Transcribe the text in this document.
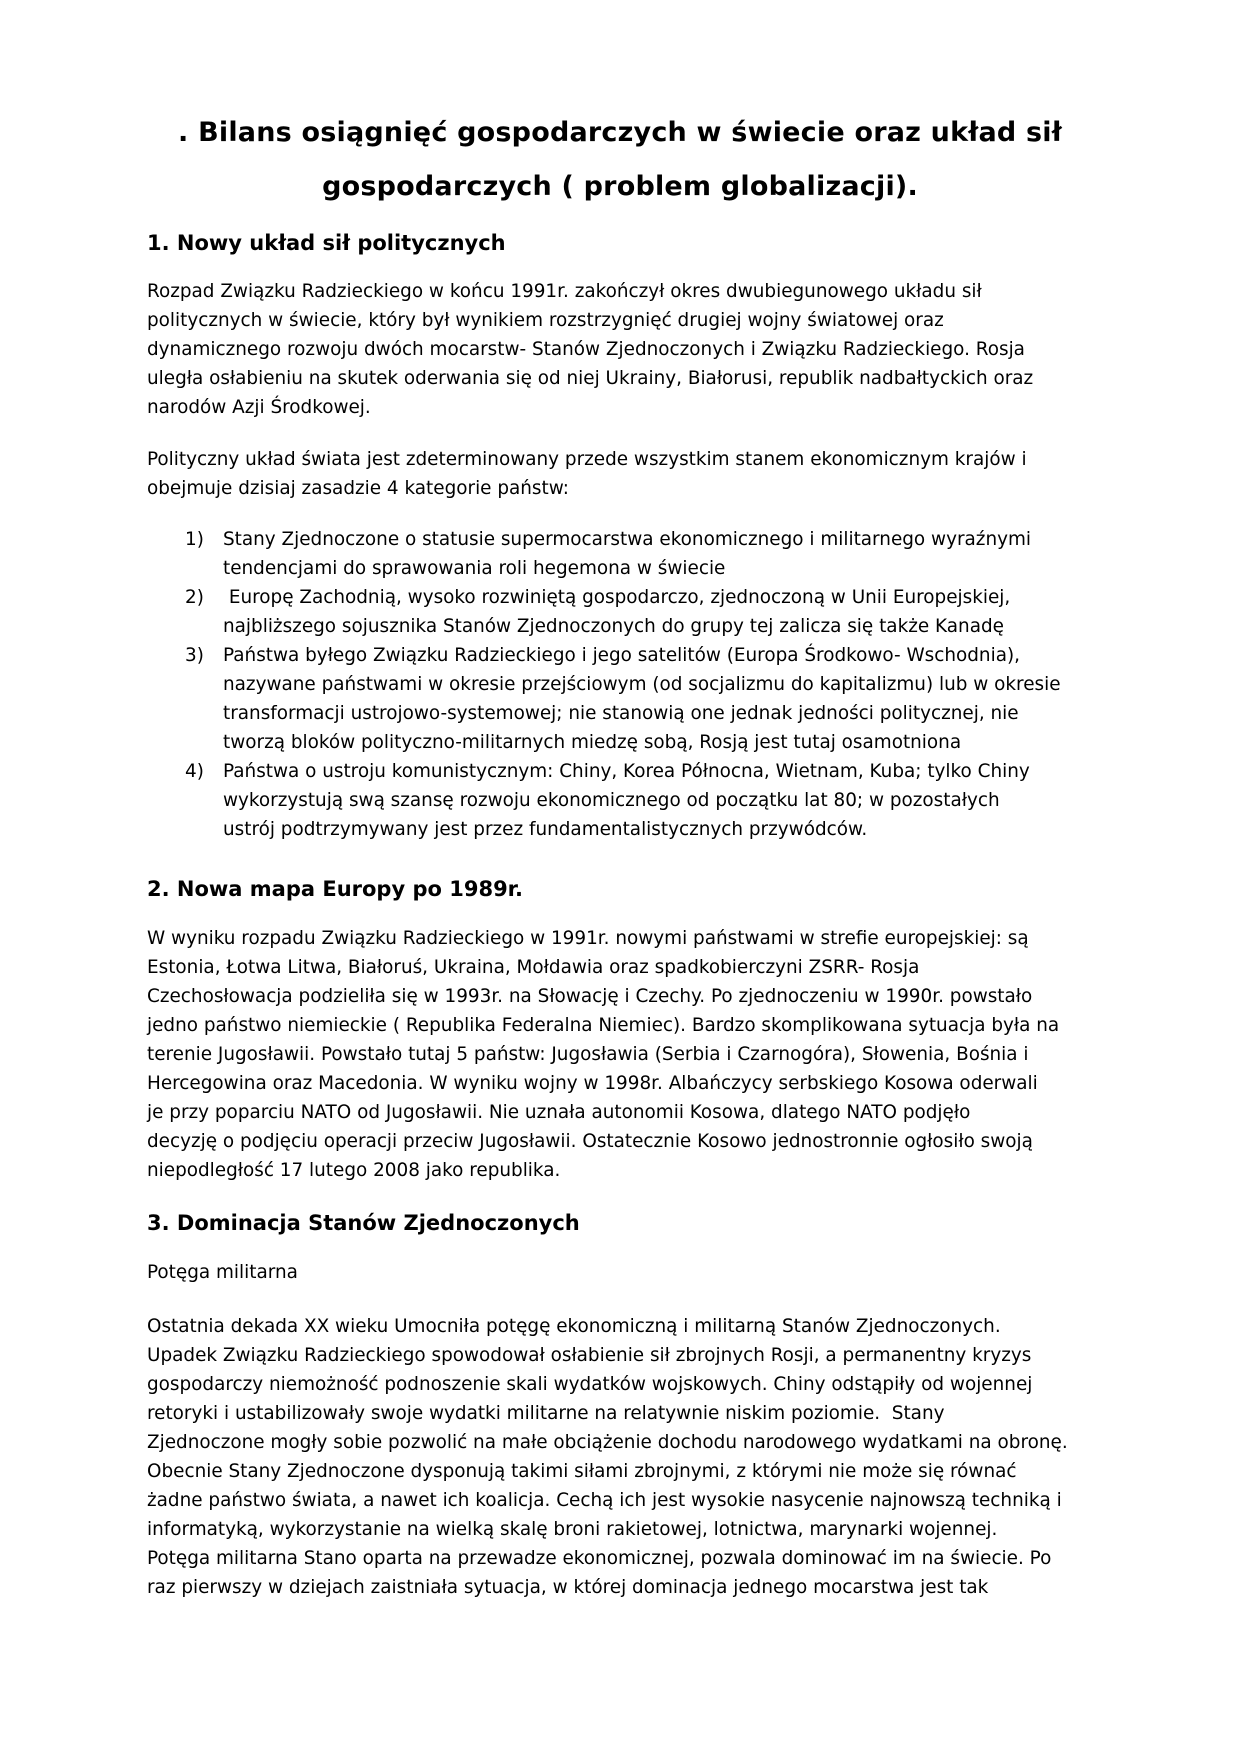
. Bilans osiągnięć gospodarczych w świecie oraz układ sił
gospodarczych ( problem globalizacji).
1. Nowy układ sił politycznych
Rozpad Związku Radzieckiego w końcu 1991r. zakończył okres dwubiegunowego układu sił
politycznych w świecie, który był wynikiem rozstrzygnięć drugiej wojny światowej oraz
dynamicznego rozwoju dwóch mocarstw- Stanów Zjednoczonych i Związku Radzieckiego. Rosja
uległa osłabieniu na skutek oderwania się od niej Ukrainy, Białorusi, republik nadbałtyckich oraz
narodów Azji Środkowej.
Polityczny układ świata jest zdeterminowany przede wszystkim stanem ekonomicznym krajów i
obejmuje dzisiaj zasadzie 4 kategorie państw:
1) Stany Zjednoczone o statusie supermocarstwa ekonomicznego i militarnego wyraźnymi
tendencjami do sprawowania roli hegemona w świecie
2) Europę Zachodnią, wysoko rozwiniętą gospodarczo, zjednoczoną w Unii Europejskiej,
najbliższego sojusznika Stanów Zjednoczonych do grupy tej zalicza się także Kanadę
3) Państwa byłego Związku Radzieckiego i jego satelitów (Europa Środkowo- Wschodnia),
nazywane państwami w okresie przejściowym (od socjalizmu do kapitalizmu) lub w okresie
transformacji ustrojowo-systemowej; nie stanowią one jednak jedności politycznej, nie
tworzą bloków polityczno-militarnych miedzę sobą, Rosją jest tutaj osamotniona
4) Państwa o ustroju komunistycznym: Chiny, Korea Północna, Wietnam, Kuba; tylko Chiny
wykorzystują swą szansę rozwoju ekonomicznego od początku lat 80; w pozostałych
ustrój podtrzymywany jest przez fundamentalistycznych przywódców.
2. Nowa mapa Europy po 1989r.
W wyniku rozpadu Związku Radzieckiego w 1991r. nowymi państwami w strefie europejskiej: są
Estonia, Łotwa Litwa, Białoruś, Ukraina, Mołdawia oraz spadkobierczyni ZSRR- Rosja
Czechosłowacja podzieliła się w 1993r. na Słowację i Czechy. Po zjednoczeniu w 1990r. powstało
jedno państwo niemieckie ( Republika Federalna Niemiec). Bardzo skomplikowana sytuacja była na
terenie Jugosławii. Powstało tutaj 5 państw: Jugosławia (Serbia i Czarnogóra), Słowenia, Bośnia i
Hercegowina oraz Macedonia. W wyniku wojny w 1998r. Albańczycy serbskiego Kosowa oderwali
je przy poparciu NATO od Jugosławii. Nie uznała autonomii Kosowa, dlatego NATO podjęło
decyzję o podjęciu operacji przeciw Jugosławii. Ostatecznie Kosowo jednostronnie ogłosiło swoją
niepodległość 17 lutego 2008 jako republika.
3. Dominacja Stanów Zjednoczonych
Potęga militarna
Ostatnia dekada XX wieku Umocniła potęgę ekonomiczną i militarną Stanów Zjednoczonych.
Upadek Związku Radzieckiego spowodował osłabienie sił zbrojnych Rosji, a permanentny kryzys
gospodarczy niemożność podnoszenie skali wydatków wojskowych. Chiny odstąpiły od wojennej
retoryki i ustabilizowały swoje wydatki militarne na relatywnie niskim poziomie.  Stany
Zjednoczone mogły sobie pozwolić na małe obciążenie dochodu narodowego wydatkami na obronę.
Obecnie Stany Zjednoczone dysponują takimi siłami zbrojnymi, z którymi nie może się równać
żadne państwo świata, a nawet ich koalicja. Cechą ich jest wysokie nasycenie najnowszą techniką i
informatyką, wykorzystanie na wielką skalę broni rakietowej, lotnictwa, marynarki wojennej.
Potęga militarna Stano oparta na przewadze ekonomicznej, pozwala dominować im na świecie. Po
raz pierwszy w dziejach zaistniała sytuacja, w której dominacja jednego mocarstwa jest tak
